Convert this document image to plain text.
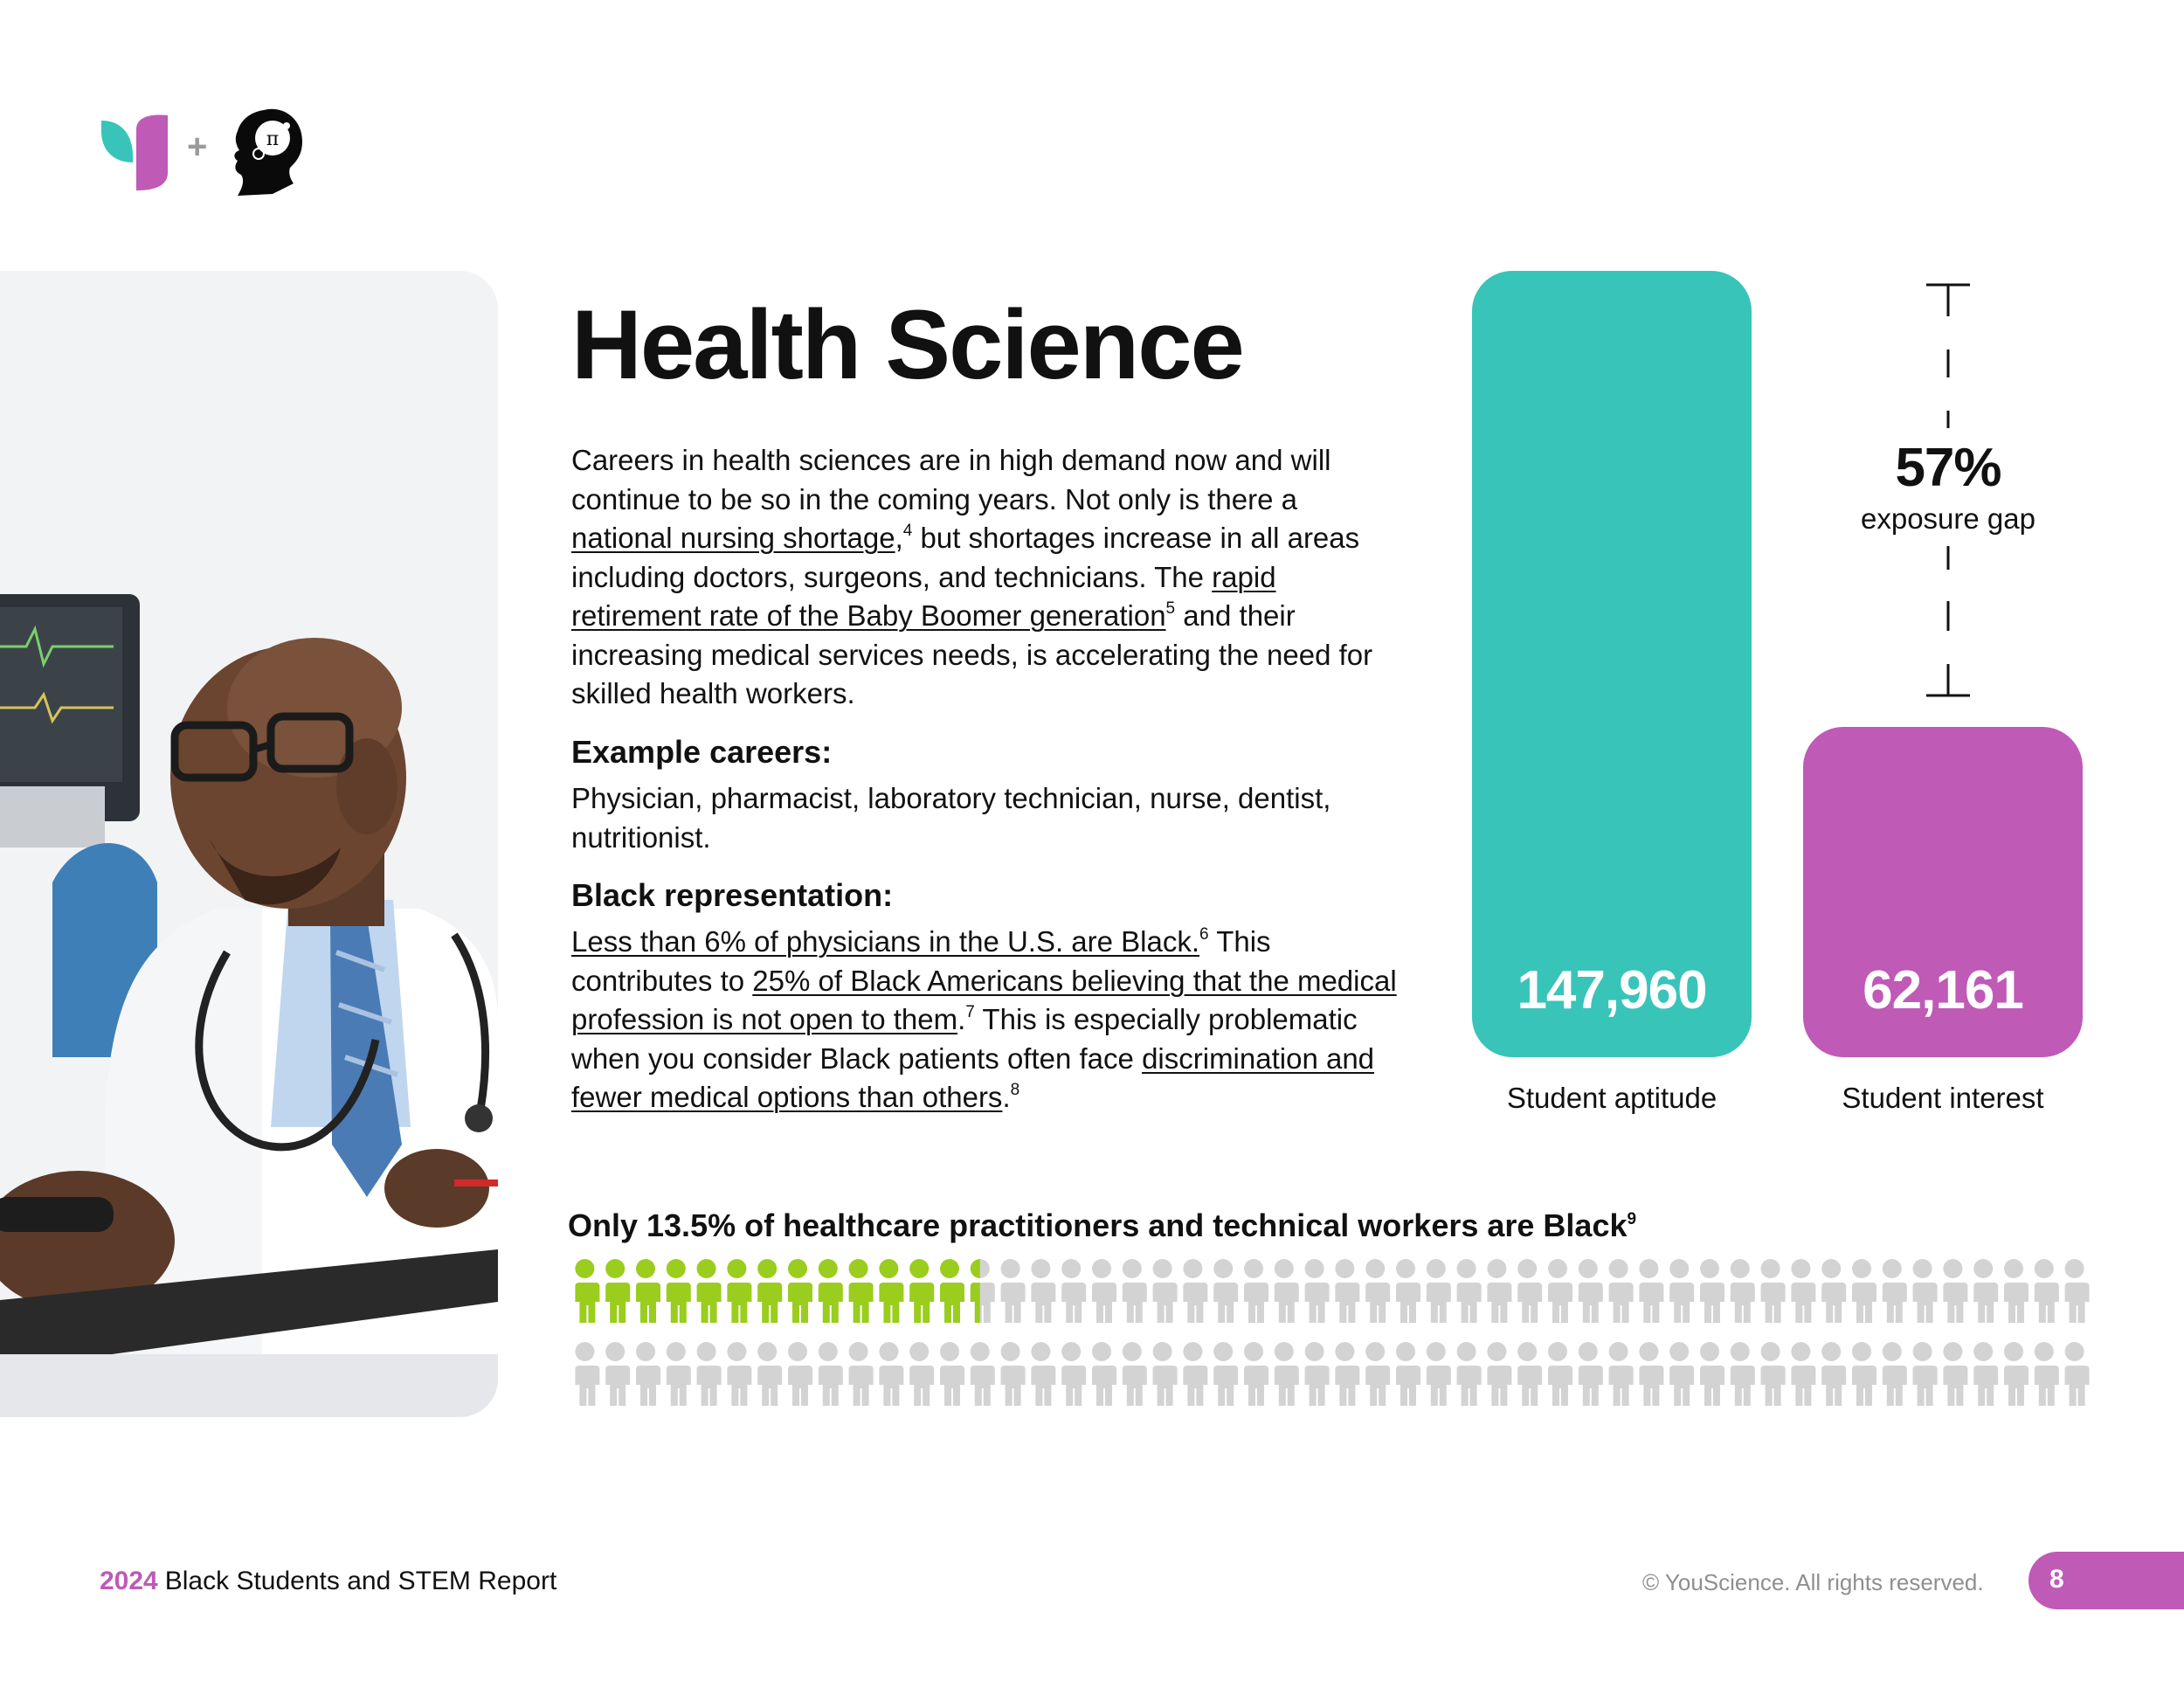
+	π
Health Science
Careers in health sciences are in high demand now and will continue to be so in the coming years. Not only is there a national nursing shortage,$^4$ but shortages increase in all areas including doctors, surgeons, and technicians. The rapid retirement rate of the Baby Boomer generation$^5$ and their increasing medical services needs, is accelerating the need for skilled health workers.
Example careers:
Physician, pharmacist, laboratory technician, nurse, dentist, nutritionist.
Black representation:
Less than 6% of physicians in the U.S. are Black.$^6$ This contributes to 25% of Black Americans believing that the medical profession is not open to them.$^7$ This is especially problematic when you consider Black patients often face discrimination and fewer medical options than others.$^8$
147,960	62,161
Student aptitude	Student interest
57%
exposure gap
Only 13.5% of healthcare practitioners and technical workers are Black$^9$
2024 Black Students and STEM Report	© YouScience. All rights reserved.	8
